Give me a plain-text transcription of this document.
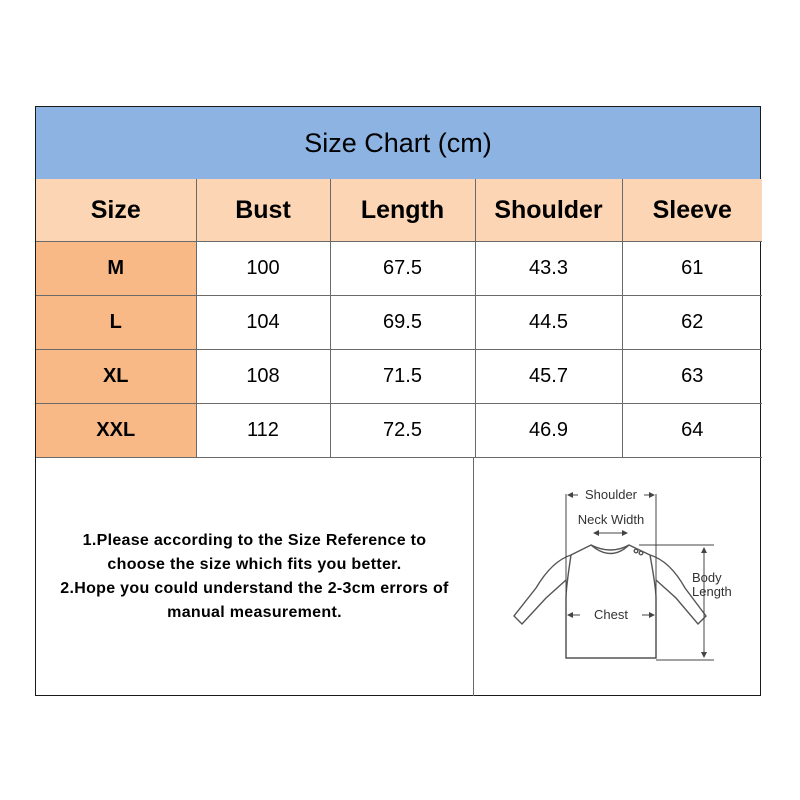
Size Chart (cm)
Size	Bust	Length	Shoulder	Sleeve
M	100	67.5	43.3	61
L	104	69.5	44.5	62
XL	108	71.5	45.7	63
XXL	112	72.5	46.9	64

1.Please according to the Size Reference to

choose the size which fits you better.

2.Hope you could understand the 2-3cm errors of

manual measurement.

Shoulder
Neck Width
Chest
Body
Length
